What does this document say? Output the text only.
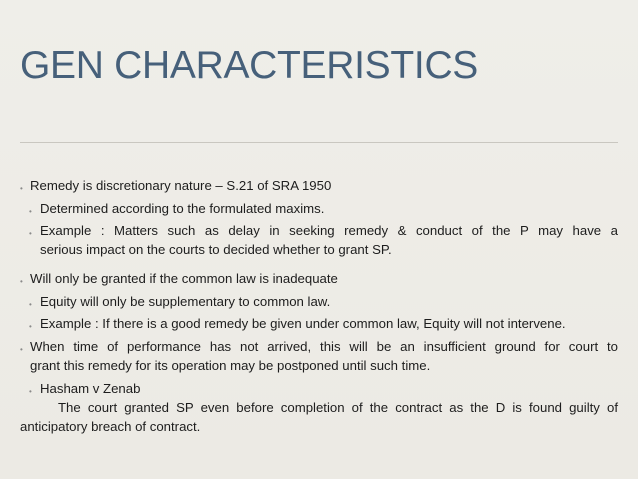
GEN CHARACTERISTICS
• Remedy is discretionary nature – S.21 of SRA 1950
• Determined according to the formulated maxims.
• Example : Matters such as delay in seeking remedy & conduct of the P may have a
serious impact on the courts to decided whether to grant SP.
• Will only be granted if the common law is inadequate
• Equity will only be supplementary to common law.
• Example : If there is a good remedy be given under common law, Equity will not intervene.
• When time of performance has not arrived, this will be an insufficient ground for court to
grant this remedy for its operation may be postponed until such time.
• Hasham v Zenab
The court granted SP even before completion of the contract as the D is found guilty of
anticipatory breach of contract.
